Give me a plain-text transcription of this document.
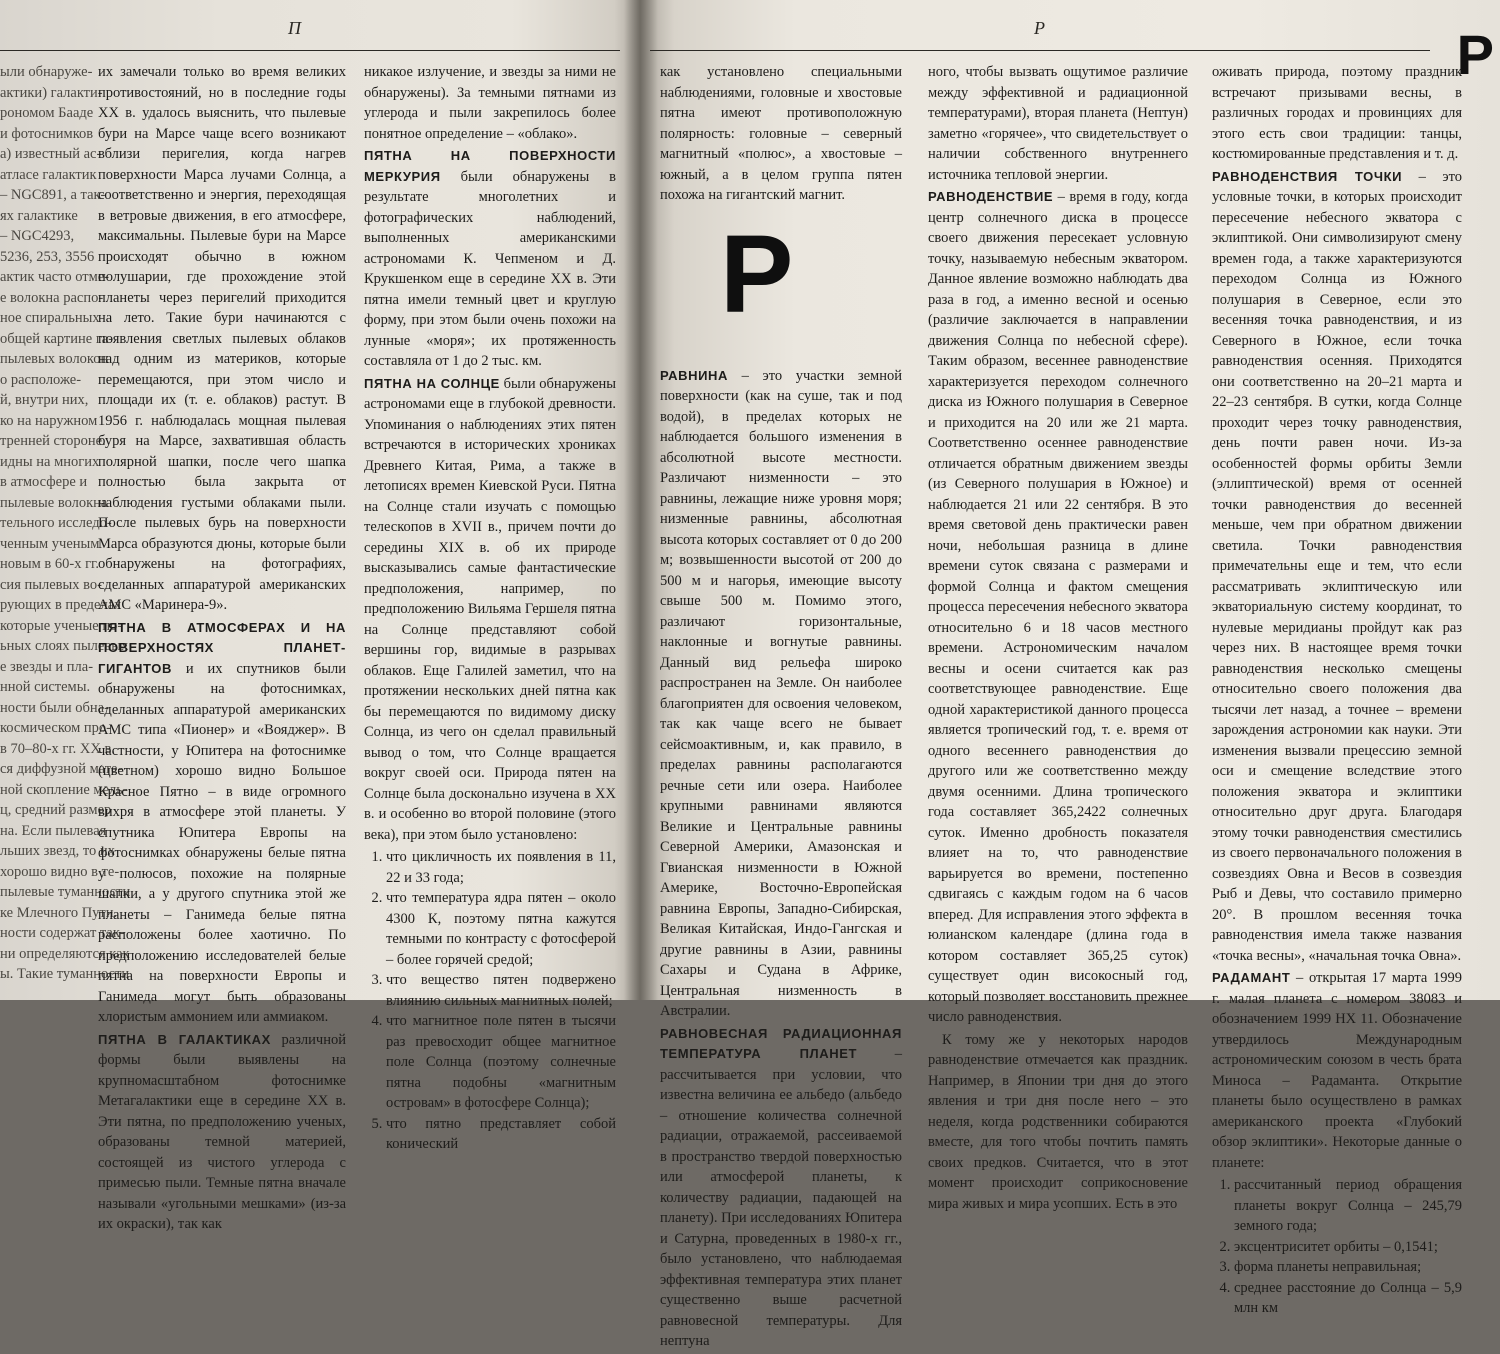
П
ыли обнаруже-
актики) галакти-
рономом Бааде
и фотоснимков
а) известный ас-
атласе галактик
– NGC891, а так-
ях галактике
– NGC4293,
5236, 253, 3556
актик часто отме-
е волокна распо-
ное спиральных
общей картине га-
пылевых волокон
о расположе-
й, внутри них,
ко на наружном
тренней стороне.
идны на многих
в атмосфере и
пылевые волокна
тельного исследо-
ченным ученым
новым в 60-х гг.
сия пылевых во-
рующих в пределах
которые ученые по-
ьных слоях пылевых
е звезды и пла-
нной системы.
ности были обна-
космическом про-
в 70–80-х гг. XX в.
ся диффузной мате-
ной скопление мель-
ц, средний размер
на. Если пылевая
льших звезд, то их
хорошо видно в те-
пылевые туманности
ке Млечного Пути.
ности содержат так-
ни определяются как
ы. Такие туманности

их замечали только во время великих противостояний, но в последние годы XX в. удалось выяснить, что пылевые бури на Марсе чаще всего возникают вблизи перигелия, когда нагрев поверхности Марса лучами Солнца, а соответственно и энергия, переходящая в ветровые движения, в его атмосфере, максимальны. Пылевые бури на Марсе происходят обычно в южном полушарии, где прохождение этой планеты через перигелий приходится на лето. Такие бури начинаются с появления светлых пылевых облаков над одним из материков, которые перемещаются, при этом число и площади их (т. е. облаков) растут. В 1956 г. наблюдалась мощная пылевая буря на Марсе, захватившая область полярной шапки, после чего шапка полностью была закрыта от наблюдения густыми облаками пыли. После пылевых бурь на поверхности Марса образуются дюны, которые были обнаружены на фотографиях, сделанных аппаратурой американских АМС «Маринера-9».

ПЯТНА В АТМОСФЕРАХ И НА ПОВЕРХНОСТЯХ ПЛАНЕТ-ГИГАНТОВ и их спутников были обнаружены на фотоснимках, сделанных аппаратурой американских АМС типа «Пионер» и «Вояджер». В частности, у Юпитера на фотоснимке (цветном) хорошо видно Большое Красное Пятно – в виде огромного вихря в атмосфере этой планеты. У спутника Юпитера Европы на фотоснимках обнаружены белые пятна у полюсов, похожие на полярные шапки, а у другого спутника этой же планеты – Ганимеда белые пятна расположены более хаотично. По предположению исследователей белые пятна на поверхности Европы и Ганимеда могут быть образованы хлористым аммонием или аммиаком.

ПЯТНА В ГАЛАКТИКАХ различной формы были выявлены на крупномасштабном фотоснимке Метагалактики еще в середине XX в. Эти пятна, по предположению ученых, образованы темной материей, состоящей из чистого углерода с примесью пыли. Темные пятна вначале называли «угольными мешками» (из-за их окраски), так как

никакое излучение, и звезды за ними не обнаружены). За темными пятнами из углерода и пыли закрепилось более понятное определение – «облако».

ПЯТНА НА ПОВЕРХНОСТИ МЕРКУРИЯ были обнаружены в результате многолетних и фотографических наблюдений, выполненных американскими астрономами К. Чепменом и Д. Крукшенком еще в середине XX в. Эти пятна имели темный цвет и круглую форму, при этом были очень похожи на лунные «моря»; их протяженность составляла от 1 до 2 тыс. км.

ПЯТНА НА СОЛНЦЕ были обнаружены астрономами еще в глубокой древности. Упоминания о наблюдениях этих пятен встречаются в исторических хрониках Древнего Китая, Рима, а также в летописях времен Киевской Руси. Пятна на Солнце стали изучать с помощью телескопов в XVII в., причем почти до середины XIX в. об их природе высказывались самые фантастические предположения, например, по предположению Вильяма Гершеля пятна на Солнце представляют собой вершины гор, видимые в разрывах облаков. Еще Галилей заметил, что на протяжении нескольких дней пятна как бы перемещаются по видимому диску Солнца, из чего он сделал правильный вывод о том, что Солнце вращается вокруг своей оси. Природа пятен на Солнце была досконально изучена в XX в. и особенно во второй половине (этого века), при этом было установлено:

1. что цикличность их появления в 11, 22 и 33 года;
2. что температура ядра пятен – около 4300 К, поэтому пятна кажутся темными по контрасту с фотосферой – более горячей средой;
3. что вещество пятен подвержено влиянию сильных магнитных полей;
4. что магнитное поле пятен в тысячи раз превосходит общее магнитное поле Солнца (поэтому солнечные пятна подобны «магнитным островам» в фотосфере Солнца);
5. что пятно представляет собой конический
Р	Р

как установлено специальными наблюдениями, головные и хвостовые пятна имеют противоположную полярность: головные – северный магнитный «полюс», а хвостовые – южный, а в целом группа пятен похожа на гигантский магнит.

Р

РАВНИНА – это участки земной поверхности (как на суше, так и под водой), в пределах которых не наблюдается большого изменения в абсолютной высоте местности. Различают низменности – это равнины, лежащие ниже уровня моря; низменные равнины, абсолютная высота которых составляет от 0 до 200 м; возвышенности высотой от 200 до 500 м и нагорья, имеющие высоту свыше 500 м. Помимо этого, различают горизонтальные, наклонные и вогнутые равнины. Данный вид рельефа широко распространен на Земле. Он наиболее благоприятен для освоения человеком, так как чаще всего не бывает сейсмоактивным, и, как правило, в пределах равнины располагаются речные сети или озера. Наиболее крупными равнинами являются Великие и Центральные равнины Северной Америки, Амазонская и Гвианская низменности в Южной Америке, Восточно-Европейская равнина Европы, Западно-Сибирская, Великая Китайская, Индо-Гангская и другие равнины в Азии, равнины Сахары и Судана в Африке, Центральная низменность в Австралии.

РАВНОВЕСНАЯ РАДИАЦИОННАЯ ТЕМПЕРАТУРА ПЛАНЕТ – рассчитывается при условии, что известна величина ее альбедо (альбедо – отношение количества солнечной радиации, отражаемой, рассеиваемой в пространство твердой поверхностью или атмосферой планеты, к количеству радиации, падающей на планету). При исследованиях Юпитера и Сатурна, проведенных в 1980-х гг., было установлено, что наблюдаемая эффективная температура этих планет существенно выше расчетной равновесной температуры. Для нептуна

ного, чтобы вызвать ощутимое различие между эффективной и радиационной температурами), вторая планета (Нептун) заметно «горячее», что свидетельствует о наличии собственного внутреннего источника тепловой энергии.

РАВНОДЕНСТВИЕ – время в году, когда центр солнечного диска в процессе своего движения пересекает условную точку, называемую небесным экватором. Данное явление возможно наблюдать два раза в год, а именно весной и осенью (различие заключается в направлении движения Солнца по небесной сфере). Таким образом, весеннее равноденствие характеризуется переходом солнечного диска из Южного полушария в Северное и приходится на 20 или же 21 марта. Соответственно осеннее равноденствие отличается обратным движением звезды (из Северного полушария в Южное) и наблюдается 21 или 22 сентября. В это время световой день практически равен ночи, небольшая разница в длине времени суток связана с размерами и формой Солнца и фактом смещения процесса пересечения небесного экватора относительно 6 и 18 часов местного времени. Астрономическим началом весны и осени считается как раз соответствующее равноденствие. Еще одной характеристикой данного процесса является тропический год, т. е. время от одного весеннего равноденствия до другого или же соответственно между двумя осенними. Длина тропического года составляет 365,2422 солнечных суток. Именно дробность показателя влияет на то, что равноденствие варьируется во времени, постепенно сдвигаясь с каждым годом на 6 часов вперед. Для исправления этого эффекта в юлианском календаре (длина года в котором составляет 365,25 суток) существует один високосный год, который позволяет восстановить прежнее число равноденствия.

К тому же у некоторых народов равноденствие отмечается как праздник. Например, в Японии три дня до этого явления и три дня после него – это неделя, когда родственники собираются вместе, для того чтобы почтить память своих предков. Считается, что в этот момент происходит соприкосновение мира живых и мира усопших. Есть в это

оживать природа, поэтому праздник встречают призывами весны, в различных городах и провинциях для этого есть свои традиции: танцы, костюмированные представления и т. д.

РАВНОДЕНСТВИЯ ТОЧКИ – это условные точки, в которых происходит пересечение небесного экватора с эклиптикой. Они символизируют смену времен года, а также характеризуются переходом Солнца из Южного полушария в Северное, если это весенняя точка равноденствия, и из Северного в Южное, если точка равноденствия осенняя. Приходятся они соответственно на 20–21 марта и 22–23 сентября. В сутки, когда Солнце проходит через точку равноденствия, день почти равен ночи. Из-за особенностей формы орбиты Земли (эллиптической) время от осенней точки равноденствия до весенней меньше, чем при обратном движении светила. Точки равноденствия примечательны еще и тем, что если рассматривать эклиптическую или экваториальную систему координат, то нулевые меридианы пройдут как раз через них. В настоящее время точки равноденствия несколько смещены относительно своего положения два тысячи лет назад, а точнее – времени зарождения астрономии как науки. Эти изменения вызвали прецессию земной оси и смещение вследствие этого положения экватора и эклиптики относительно друг друга. Благодаря этому точки равноденствия сместились из своего первоначального положения в созвездиях Овна и Весов в созвездия Рыб и Девы, что составило примерно 20°. В прошлом весенняя точка равноденствия имела также названия «точка весны», «начальная точка Овна».

РАДАМАНТ – открытая 17 марта 1999 г. малая планета с номером 38083 и обозначением 1999 HX 11. Обозначение утвердилось Международным астрономическим союзом в честь брата Миноса – Радаманта. Открытие планеты было осуществлено в рамках американского проекта «Глубокий обзор эклиптики». Некоторые данные о планете:

1. рассчитанный период обращения планеты вокруг Солнца – 245,79 земного года;
2. эксцентриситет орбиты – 0,1541;
3. форма планеты неправильная;
4. среднее расстояние до Солнца – 5,9 млн км
